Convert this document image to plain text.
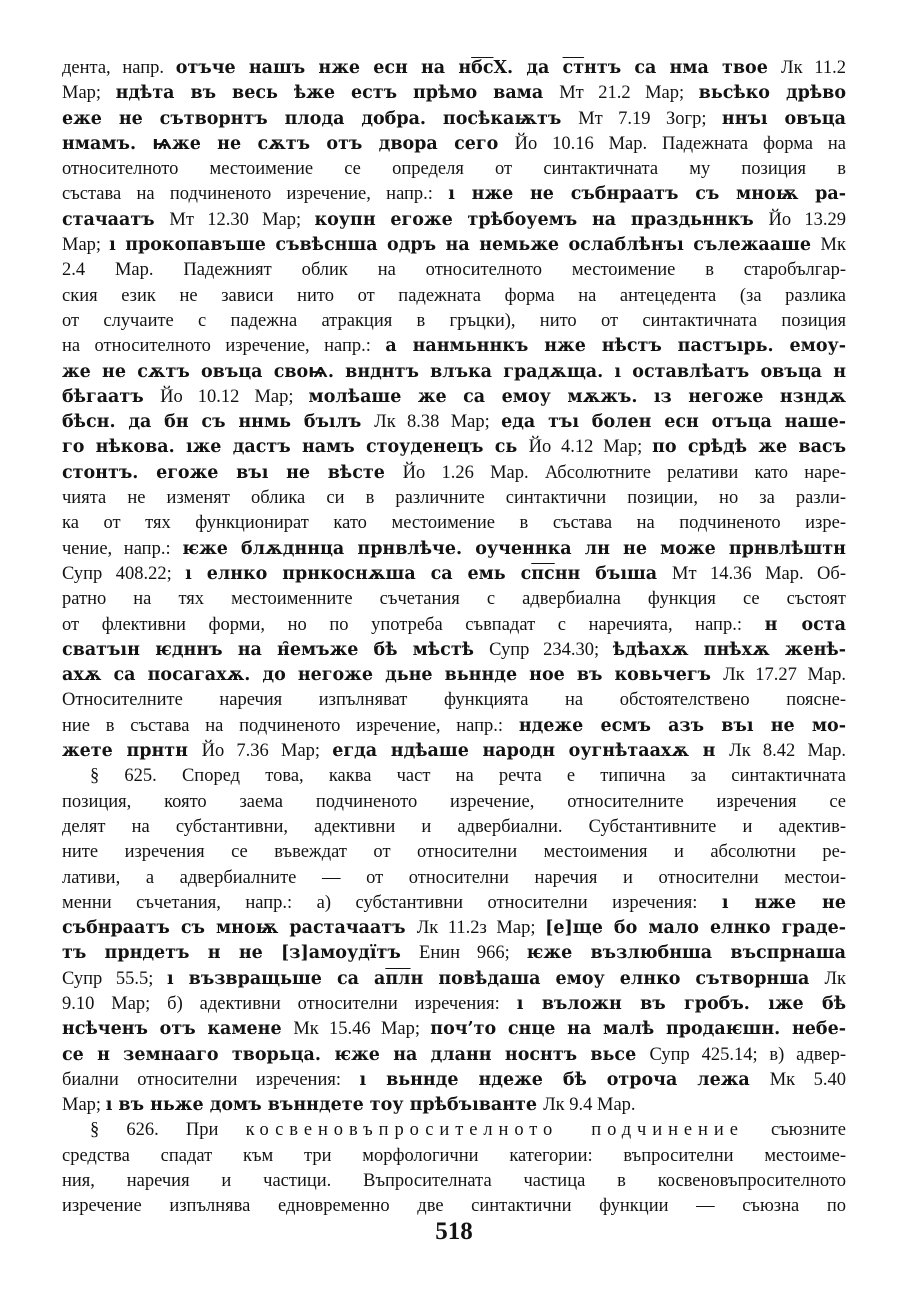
дента, напр. отъче нашъ нже есн на нбсХ. да стнтъ са нма твое Лк 11.2
Мар; ндѣта въ весь ѣже естъ прѣмо вама Мт 21.2 Мар; вьсѣко дрѣво
еже не сътворнтъ плода добра. посѣкаѭтъ Мт 7.19 Зогр; ннъı овъца
нмамъ. ѩже не сѫтъ отъ двора сего Йо 10.16 Мар. Падежната форма на
относителното местоимение се определя от синтактичната му позиция в
състава на подчиненото изречение, напр.: ı нже не събнраатъ съ мноѭ ра-
стачаатъ Мт 12.30 Мар; коупн егоже трѣбоуемъ на праздьннкъ Йо 13.29
Мар; ı прокопавъше съвѣснша одръ на немьже ослаблѣнъı сълежааше Мк
2.4 Мар. Падежният облик на относителното местоимение в старобългар-
ския език не зависи нито от падежната форма на антецедента (за разлика
от случаите с падежна атракция в гръцки), нито от синтактичната позиция
на относителното изречение, напр.: а нанмьннкъ нже нѣстъ пастъıрь. емоу-
же не сѫтъ овъца своѩ. внднтъ влъка градѫща. ı оставлѣатъ овъца н
бѣгаатъ Йо 10.12 Мар; молѣаше же са емоу мѫжъ. ıз негоже нзндѫ
бѣсн. да бн съ ннмь бъıлъ Лк 8.38 Мар; еда тъı болен есн отъца наше-
го нѣкова. ıже дастъ намъ стоуденецъ сь Йо 4.12 Мар; по срѣдѣ же васъ
стонтъ. егоже въı не вѣсте Йо 1.26 Мар. Абсолютните релативи като наре-
чията не изменят облика си в различните синтактични позиции, но за разли-
ка от тях функционират като местоимение в състава на подчиненото изре-
чение, напр.: ѥже блѫдннца прнвлѣче. оученнка лн не може прнвлѣштн
Супр 408.22; ı елнко прнкоснѫша са емь спснн бъıша Мт 14.36 Мар. Об-
ратно на тях местоименните съчетания с адвербиална функция се състоят
от флективни форми, но по употреба съвпадат с наречията, напр.: н оста
сватъıн ѥдннъ на н̑емъже бѣ мѣстѣ Супр 234.30; ѣдѣахѫ пнѣхѫ женѣ-
ахѫ са посагахѫ. до негоже дьне вьннде ное въ ковьчегъ Лк 17.27 Мар.
Относителните наречия изпълняват функцията на обстоятелствено поясне-
ние в състава на подчиненото изречение, напр.: ндеже есмъ азъ въı не мо-
жете прнтн Йо 7.36 Мар; егда ндѣаше народн оугнѣтаахѫ н Лк 8.42 Мар.
§ 625. Според това, каква част на речта е типична за синтактичната
позиция, която заема подчиненото изречение, относителните изречения се
делят на субстантивни, адективни и адвербиални. Субстантивните и адектив-
ните изречения се въвеждат от относителни местоимения и абсолютни ре-
лативи, а адвербиалните — от относителни наречия и относителни местои-
менни съчетания, напр.: а) субстантивни относителни изречения: ı нже не
събнраатъ съ мноѭ растачаатъ Лк 11.2з Мар; [е]ще бо мало елнко граде-
тъ прндетъ н не [з]амоудїтъ Енин 966; ѥже възлюбнша въспрнаша
Супр 55.5; ı възвращьше са аплн повѣдаша емоу елнко сътворнша Лк
9.10 Мар; б) адективни относителни изречения: ı въложн въ гробъ. ıже бѣ
нсѣченъ отъ камене Мк 15.46 Мар; поч’то снце на малѣ продаѥшн. небе-
се н земнааго творьца. ѥже на дланн носнтъ вьсе Супр 425.14; в) адвер-
биални относителни изречения: ı вьннде ндеже бѣ отроча лежа Мк 5.40
Мар; ı въ ньже домъ вънндете тоу прѣбъıванте Лк 9.4 Мар.
§ 626. При косвеновъпросителното подчинение съюзните
средства спадат към три морфологични категории: въпросителни местоиме-
ния, наречия и частици. Въпросителната частица в косвеновъпросителното
изречение изпълнява едновременно две синтактични функции — съюзна по
518
